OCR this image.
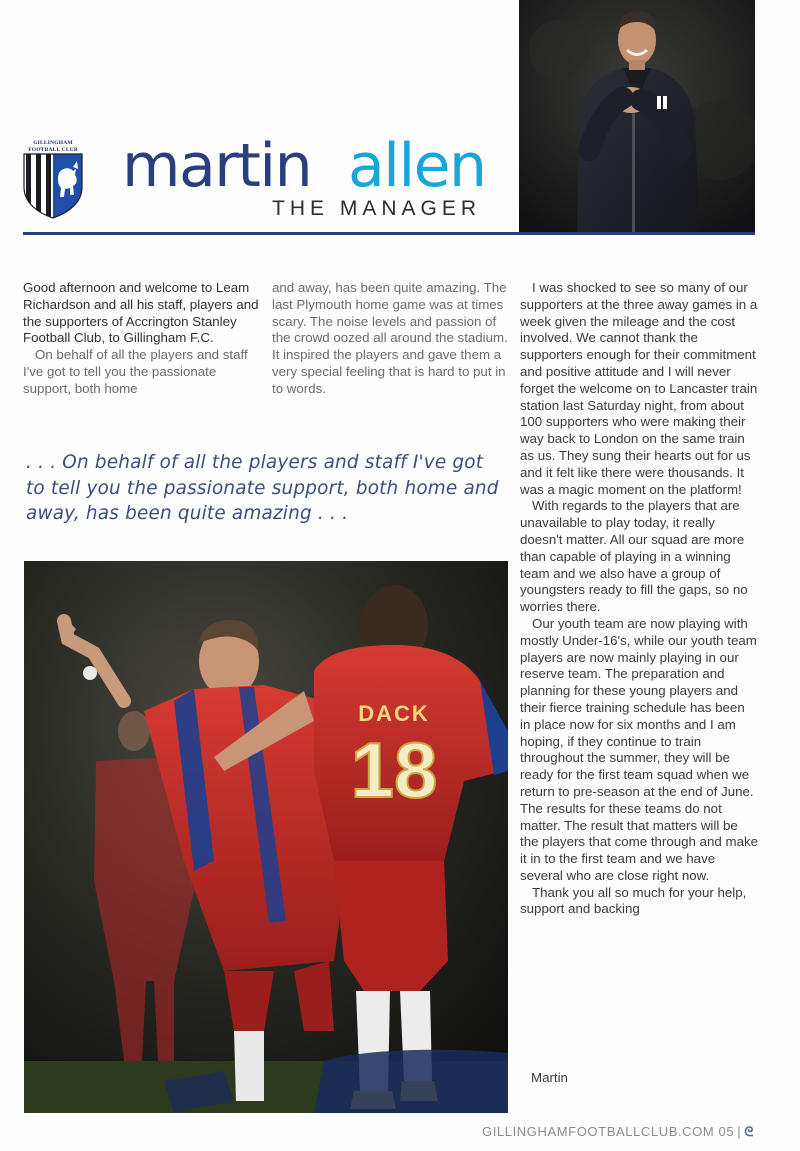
GILLINGHAM FOOTBALL CLUB martin allen
THE MANAGER

Good afternoon and welcome to Leam Richardson and all his staff, players and the supporters of Accrington Stanley Football Club, to Gillingham F.C.

On behalf of all the players and staff I've got to tell you the passionate support, both home

and away, has been quite amazing. The last Plymouth home game was at times scary. The noise levels and passion of the crowd oozed all around the stadium. It inspired the players and gave them a very special feeling that is hard to put in to words.

I was shocked to see so many of our supporters at the three away games in a week given the mileage and the cost involved. We cannot thank the supporters enough for their commitment and positive attitude and I will never forget the welcome on to Lancaster train station last Saturday night, from about 100 supporters who were making their way back to London on the same train as us. They sung their hearts out for us and it felt like there were thousands. It was a magic moment on the platform!

With regards to the players that are unavailable to play today, it really doesn't matter. All our squad are more than capable of playing in a winning team and we also have a group of youngsters ready to fill the gaps, so no worries there.

Our youth team are now playing with mostly Under-16's, while our youth team players are now mainly playing in our reserve team. The preparation and planning for these young players and their fierce training schedule has been in place now for six months and I am hoping, if they continue to train throughout the summer, they will be ready for the first team squad when we return to pre-season at the end of June. The results for these teams do not matter. The result that matters will be the players that come through and make it in to the first team and we have several who are close right now.

Thank you all so much for your help, support and backing

. . . On behalf of all the players and staff I've got to tell you the passionate support, both home and away, has been quite amazing . . .
DACK
18
Martin
GILLINGHAMFOOTBALLCLUB.COM 05 | ᘓ
